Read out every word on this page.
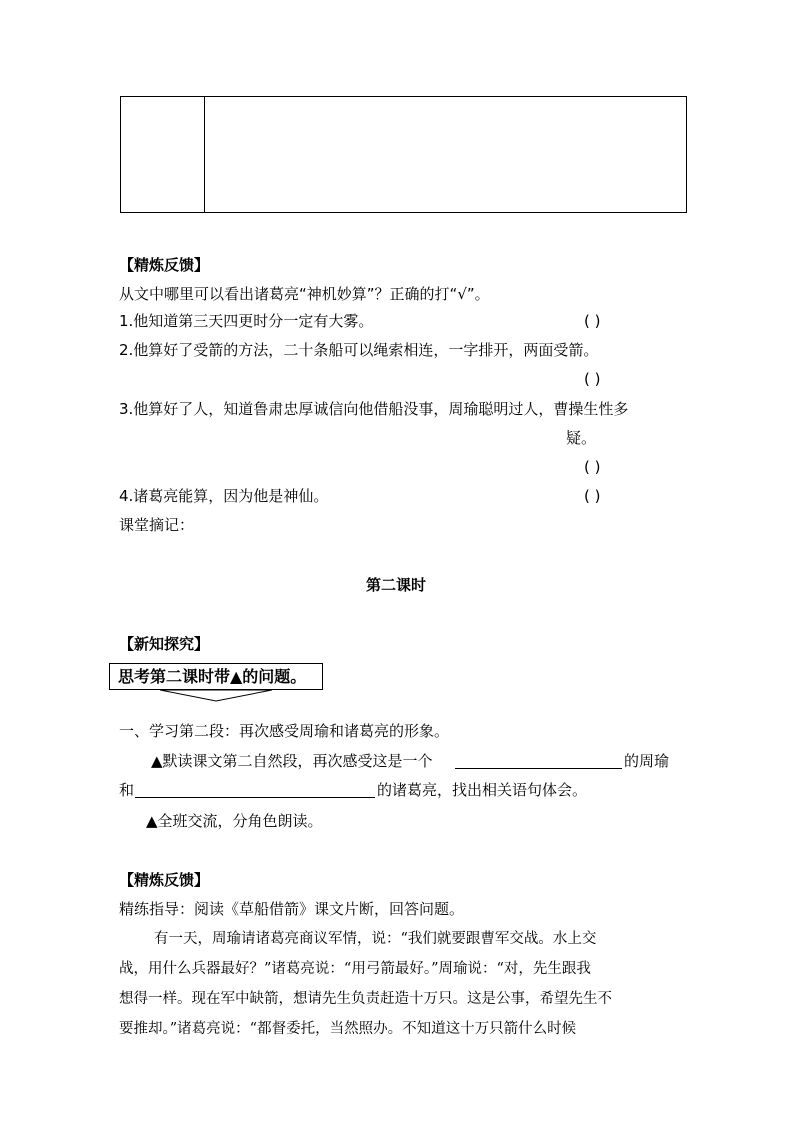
【精炼反馈】
从文中哪里可以看出诸葛亮“神机妙算”？正确的打“√”。
1.他知道第三天四更时分一定有大雾。	( )
2.他算好了受箭的方法，二十条船可以绳索相连，一字排开，两面受箭。
( )
3.他算好了人，知道鲁肃忠厚诚信向他借船没事，周瑜聪明过人，曹操生性多
疑。
( )
4.诸葛亮能算，因为他是神仙。	( )
课堂摘记：
第二课时
【新知探究】
思考第二课时带▲的问题。
一、学习第二段：再次感受周瑜和诸葛亮的形象。
▲默读课文第二自然段，再次感受这是一个	的周瑜
和	的诸葛亮，找出相关语句体会。
▲全班交流，分角色朗读。
【精炼反馈】
精练指导：阅读《草船借箭》课文片断，回答问题。
有一天，周瑜请诸葛亮商议军情，说：“我们就要跟曹军交战。水上交
战，用什么兵器最好？”诸葛亮说：“用弓箭最好。”周瑜说：“对，先生跟我
想得一样。现在军中缺箭，想请先生负责赶造十万只。这是公事，希望先生不
要推却。”诸葛亮说：“都督委托，当然照办。不知道这十万只箭什么时候
